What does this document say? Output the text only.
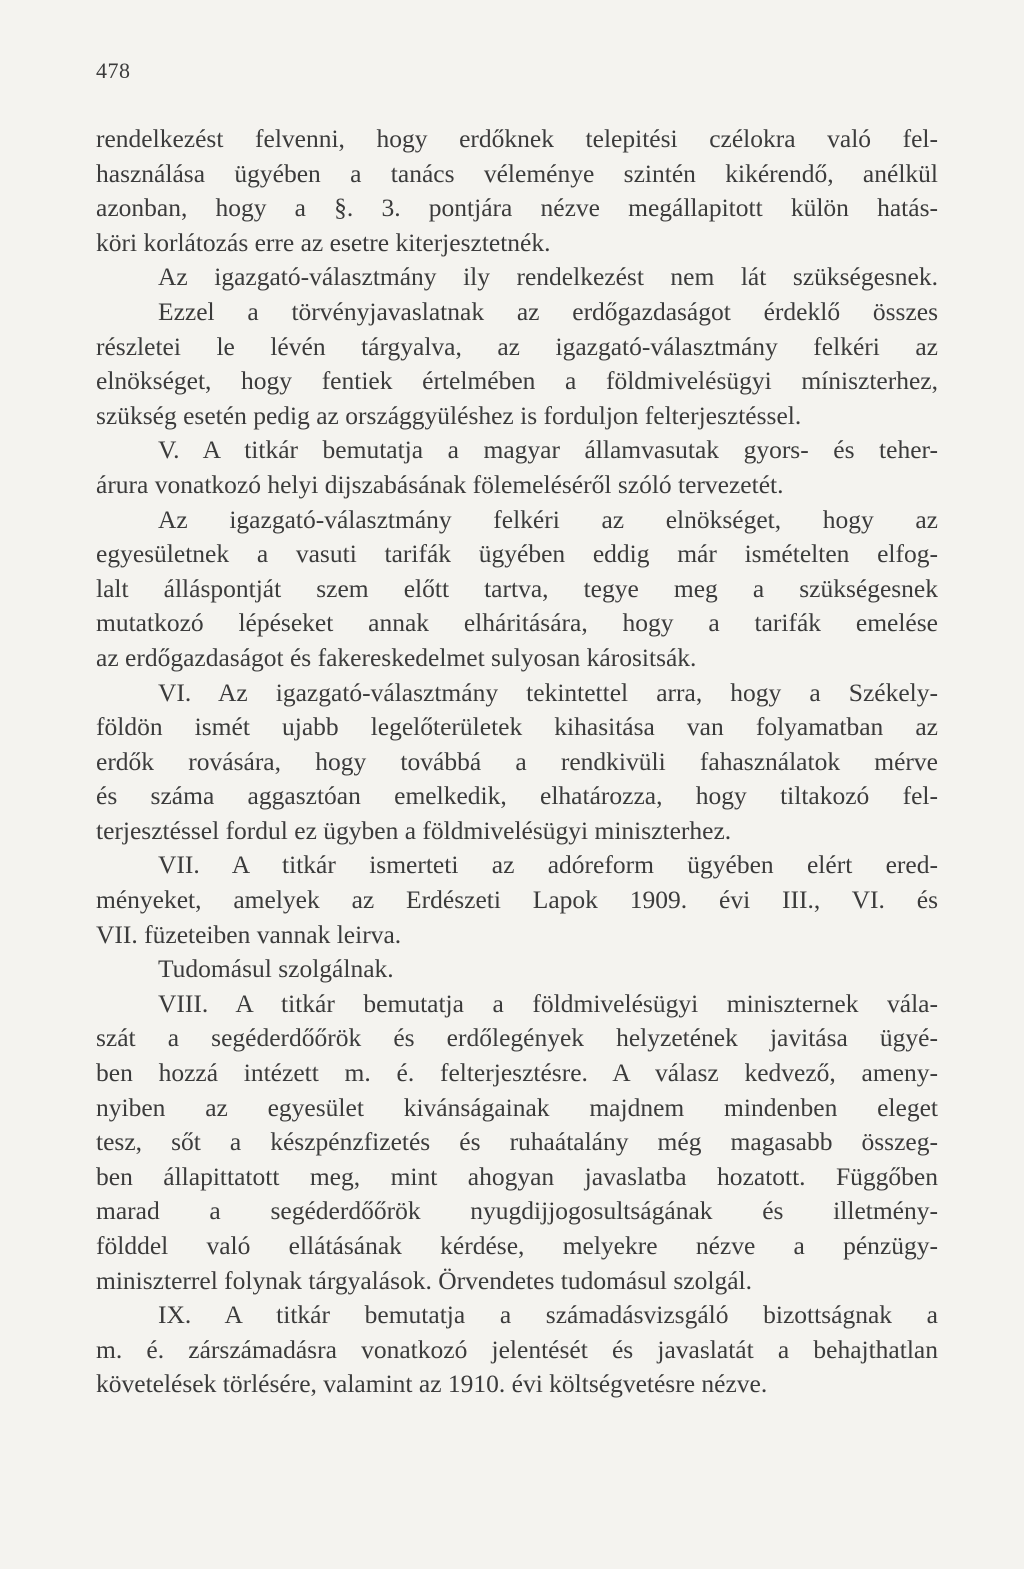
478
rendelkezést felvenni, hogy erdőknek telepitési czélokra való fel-
használása ügyében a tanács véleménye szintén kikérendő, anélkül
azonban, hogy a §. 3. pontjára nézve megállapitott külön hatás-
köri korlátozás erre az esetre kiterjesztetnék.
Az igazgató-választmány ily rendelkezést nem lát szükségesnek.
Ezzel a törvényjavaslatnak az erdőgazdaságot érdeklő összes
részletei le lévén tárgyalva, az igazgató-választmány felkéri az
elnökséget, hogy fentiek értelmében a földmivelésügyi míniszterhez,
szükség esetén pedig az országgyüléshez is forduljon felterjesztéssel.
V. A titkár bemutatja a magyar államvasutak gyors- és teher-
árura vonatkozó helyi dijszabásának fölemeléséről szóló tervezetét.
Az igazgató-választmány felkéri az elnökséget, hogy az
egyesületnek a vasuti tarifák ügyében eddig már ismételten elfog-
lalt álláspontját szem előtt tartva, tegye meg a szükségesnek
mutatkozó lépéseket annak elháritására, hogy a tarifák emelése
az erdőgazdaságot és fakereskedelmet sulyosan kárositsák.
VI. Az igazgató-választmány tekintettel arra, hogy a Székely-
földön ismét ujabb legelőterületek kihasitása van folyamatban az
erdők rovására, hogy továbbá a rendkivüli fahasználatok mérve
és száma aggasztóan emelkedik, elhatározza, hogy tiltakozó fel-
terjesztéssel fordul ez ügyben a földmivelésügyi miniszterhez.
VII. A titkár ismerteti az adóreform ügyében elért ered-
ményeket, amelyek az Erdészeti Lapok 1909. évi III., VI. és
VII. füzeteiben vannak leirva.
Tudomásul szolgálnak.
VIII. A titkár bemutatja a földmivelésügyi miniszternek vála-
szát a segéderdőőrök és erdőlegények helyzetének javitása ügyé-
ben hozzá intézett m. é. felterjesztésre. A válasz kedvező, ameny-
nyiben az egyesület kivánságainak majdnem mindenben eleget
tesz, sőt a készpénzfizetés és ruhaátalány még magasabb összeg-
ben állapittatott meg, mint ahogyan javaslatba hozatott. Függőben
marad a segéderdőőrök nyugdijjogosultságának és illetmény-
földdel való ellátásának kérdése, melyekre nézve a pénzügy-
miniszterrel folynak tárgyalások. Örvendetes tudomásul szolgál.
IX. A titkár bemutatja a számadásvizsgáló bizottságnak a
m. é. zárszámadásra vonatkozó jelentését és javaslatát a behajthatlan
követelések törlésére, valamint az 1910. évi költségvetésre nézve.
